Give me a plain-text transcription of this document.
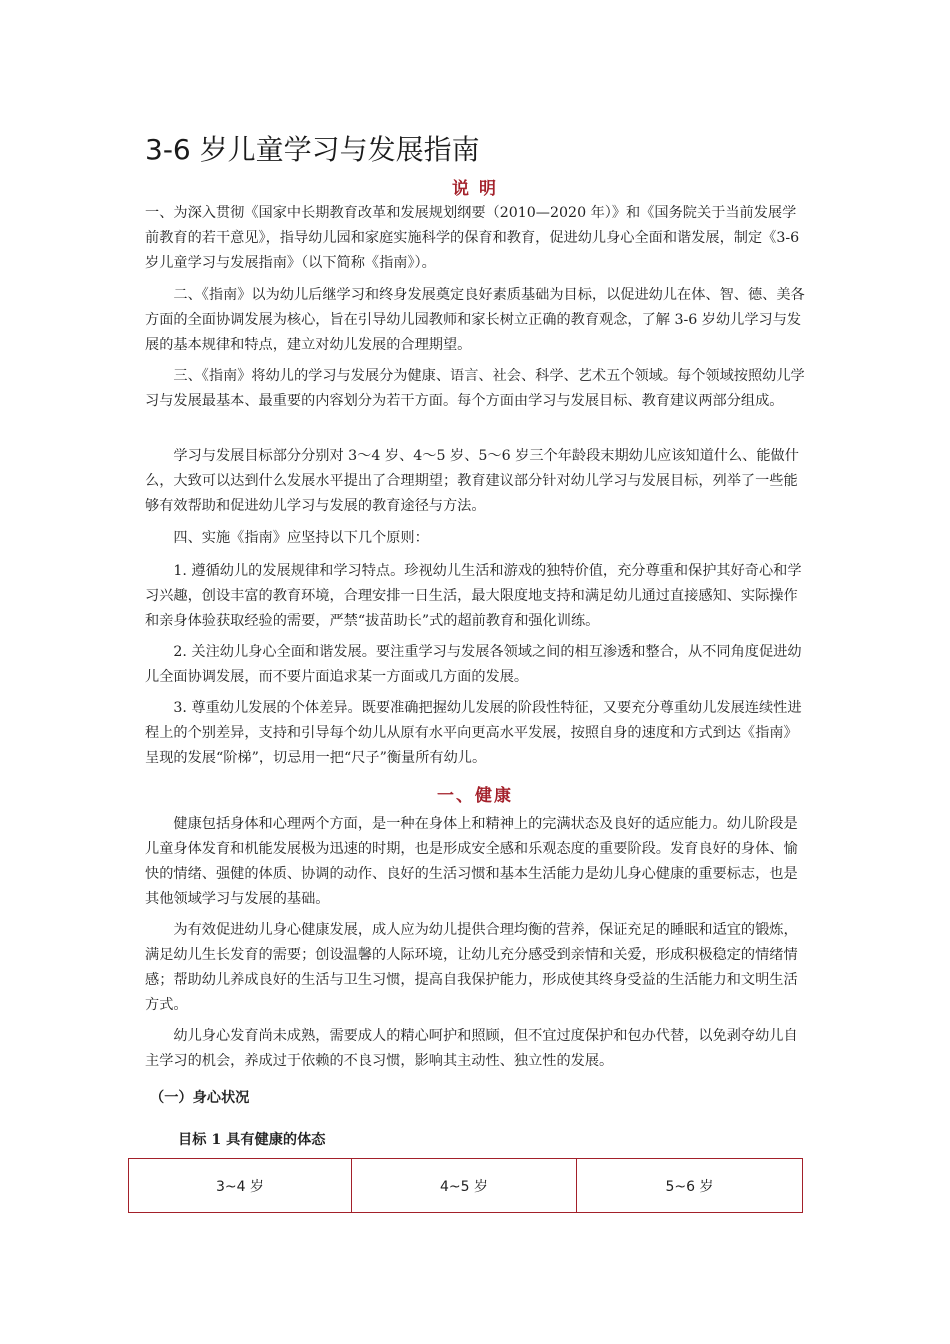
3-6 岁儿童学习与发展指南
说 明

一、为深入贯彻《国家中长期教育改革和发展规划纲要（2010—2020 年）》和《国务院关于当前发展学前教育的若干意见》，指导幼儿园和家庭实施科学的保育和教育，促进幼儿身心全面和谐发展，制定《3-6 岁儿童学习与发展指南》（以下简称《指南》）。

二、《指南》以为幼儿后继学习和终身发展奠定良好素质基础为目标，以促进幼儿在体、智、德、美各方面的全面协调发展为核心，旨在引导幼儿园教师和家长树立正确的教育观念，了解 3-6 岁幼儿学习与发展的基本规律和特点，建立对幼儿发展的合理期望。

三、《指南》将幼儿的学习与发展分为健康、语言、社会、科学、艺术五个领域。每个领域按照幼儿学习与发展最基本、最重要的内容划分为若干方面。每个方面由学习与发展目标、教育建议两部分组成。

学习与发展目标部分分别对 3～4 岁、4～5 岁、5～6 岁三个年龄段末期幼儿应该知道什么、能做什么，大致可以达到什么发展水平提出了合理期望；教育建议部分针对幼儿学习与发展目标，列举了一些能够有效帮助和促进幼儿学习与发展的教育途径与方法。

四、实施《指南》应坚持以下几个原则：

1. 遵循幼儿的发展规律和学习特点。珍视幼儿生活和游戏的独特价值，充分尊重和保护其好奇心和学习兴趣，创设丰富的教育环境，合理安排一日生活，最大限度地支持和满足幼儿通过直接感知、实际操作和亲身体验获取经验的需要，严禁“拔苗助长”式的超前教育和强化训练。

2. 关注幼儿身心全面和谐发展。要注重学习与发展各领域之间的相互渗透和整合，从不同角度促进幼儿全面协调发展，而不要片面追求某一方面或几方面的发展。

3. 尊重幼儿发展的个体差异。既要准确把握幼儿发展的阶段性特征，又要充分尊重幼儿发展连续性进程上的个别差异，支持和引导每个幼儿从原有水平向更高水平发展，按照自身的速度和方式到达《指南》呈现的发展“阶梯”，切忌用一把“尺子”衡量所有幼儿。

一、健康

健康包括身体和心理两个方面，是一种在身体上和精神上的完满状态及良好的适应能力。幼儿阶段是儿童身体发育和机能发展极为迅速的时期，也是形成安全感和乐观态度的重要阶段。发育良好的身体、愉快的情绪、强健的体质、协调的动作、良好的生活习惯和基本生活能力是幼儿身心健康的重要标志，也是其他领域学习与发展的基础。

为有效促进幼儿身心健康发展，成人应为幼儿提供合理均衡的营养，保证充足的睡眠和适宜的锻炼，满足幼儿生长发育的需要；创设温馨的人际环境，让幼儿充分感受到亲情和关爱，形成积极稳定的情绪情感；帮助幼儿养成良好的生活与卫生习惯，提高自我保护能力，形成使其终身受益的生活能力和文明生活方式。

幼儿身心发育尚未成熟，需要成人的精心呵护和照顾，但不宜过度保护和包办代替，以免剥夺幼儿自主学习的机会，养成过于依赖的不良习惯，影响其主动性、独立性的发展。

（一）身心状况
目标 1 具有健康的体态
3~4 岁	4~5 岁	5~6 岁
